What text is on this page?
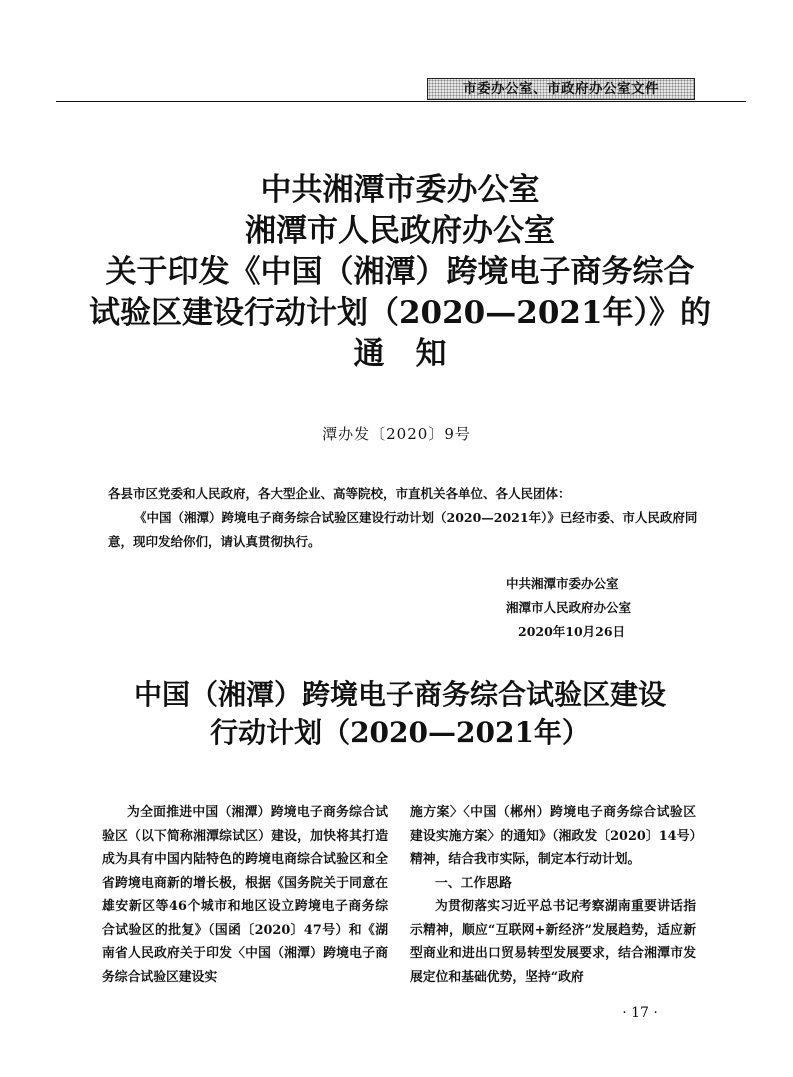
市委办公室、市政府办公室文件
中共湘潭市委办公室
湘潭市人民政府办公室
关于印发《中国（湘潭）跨境电子商务综合
试验区建设行动计划（2020—2021年）》的
通　知
潭办发〔2020〕9号
各县市区党委和人民政府，各大型企业、高等院校，市直机关各单位、各人民团体：
《中国（湘潭）跨境电子商务综合试验区建设行动计划（2020—2021年）》已经市委、市人民政府同意，现印发给你们，请认真贯彻执行。
中共湘潭市委办公室
湘潭市人民政府办公室
2020年10月26日
中国（湘潭）跨境电子商务综合试验区建设
行动计划（2020—2021年）
为全面推进中国（湘潭）跨境电子商务综合试验区（以下简称湘潭综试区）建设，加快将其打造成为具有中国内陆特色的跨境电商综合试验区和全省跨境电商新的增长极，根据《国务院关于同意在雄安新区等46个城市和地区设立跨境电子商务综合试验区的批复》（国函〔2020〕47号）和《湖南省人民政府关于印发〈中国（湘潭）跨境电子商务综合试验区建设实
施方案〉〈中国（郴州）跨境电子商务综合试验区建设实施方案〉的通知》（湘政发〔2020〕14号）精神，结合我市实际，制定本行动计划。
一、工作思路
为贯彻落实习近平总书记考察湖南重要讲话指示精神，顺应“互联网+新经济”发展趋势，适应新型商业和进出口贸易转型发展要求，结合湘潭市发展定位和基础优势，坚持“政府
· 17 ·
